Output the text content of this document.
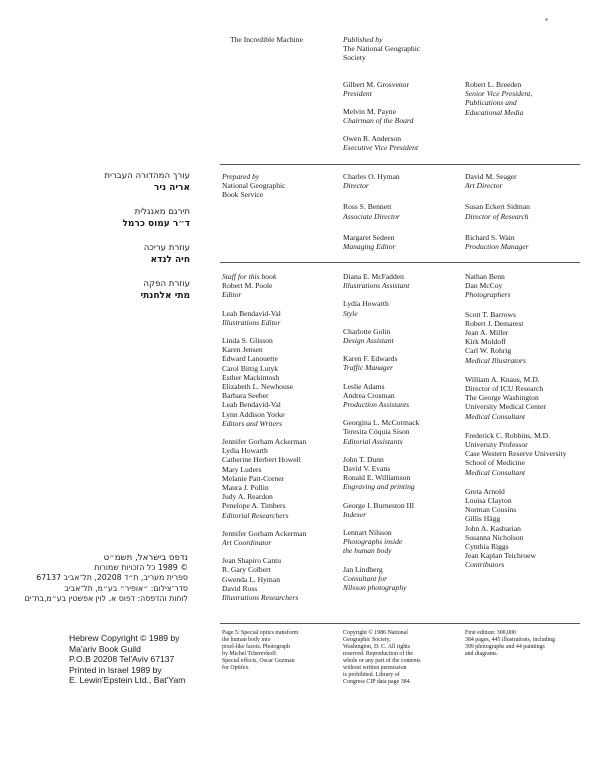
The Incredible Machine	Published by
The National Geographic
Society
Gilbert M. Grosvenor
President
Melvin M. Payne
Chairman of the Board
Owen R. Anderson
Executive Vice President
Robert L. Breeden
Senior Vice President,
Publications and
Educational Media
Prepared by
National Geographic
Book Service
Charles O. Hyman
Director
Ross S. Bennett
Associate Director
Margaret Sedeen
Managing Editor
David M. Seager
Art Director
Susan Eckert Sidman
Director of Research
Richard S. Wain
Production Manager
Staff for this book
Robert M. Poole
Editor
Leah Bendavid-Val
Illustrations Editor
Linda S. Glisson
Karen Jensen
Edward Lanouette
Carol Bittig Lutyk
Esther Mackintosh
Elizabeth L. Newhouse
Barbara Seeber
Leah Bendavid-Val
Lynn Addison Yorke
Editors and Writers
Jennifer Gorham Ackerman
Lydia Howarth
Catherine Herbert Howell
Mary Luders
Melanie Patt-Corner
Maura J. Pollin
Judy A. Reardon
Penelope A. Timbers
Editorial Researchers
Jennifer Gorham Ackerman
Art Coordinator
Jean Shapiro Cantu
R. Gary Colbert
Gwenda L. Hyman
David Ross
Illustrations Researchers
Diana E. McFadden
Illustrations Assistant
Lydia Howarth
Style
Charlotte Golin
Design Assistant
Karen F. Edwards
Traffic Manager
Leslie Adams
Andrea Crosman
Production Assistants
Georgina L. McCormack
Teresita Cóquia Sison
Editorial Assistants
John T. Dunn
David V. Evans
Ronald E. Williamson
Engraving and printing
George I. Burneston III
Indexer
Lennart Nilsson
Photographs inside
the human body
Jan Lindberg
Consultant for
Nilsson photography
Nathan Benn
Dan McCoy
Photographers
Scott T. Barrows
Robert J. Demarest
Jean A. Miller
Kirk Moldoff
Carl W. Rohrig
Medical Illustrators
William A. Knaus, M.D.
Director of ICU Research
The George Washington
University Medical Center
Medical Consultant
Frederick C. Robbins, M.D.
University Professor
Case Western Reserve University
School of Medicine
Medical Consultant
Greta Arnold
Louisa Clayton
Norman Cousins
Gillis Hägg
John A. Kasbarian
Susanna Nicholson
Cynthia Riggs
Jean Kaplan Teichroew
Contributors
עורך המהדורה העברית
אריה ניר
תירגם מאנגלית
ד״ר עמוס כרמל
עוזרת עריכה
חיה לנדא
עוזרת הפקה
מתי אלחנתי
נדפס בישראל, תשמ״ט
© 1989 כל הזכויות שמורות
ספרית מעריב, ת״ד 20208, תל־אביב 67137
סדר־צילום: ״אופיר״ בע״מ, תל־אביב
לוחות והדפסה: דפוס א. לוין אפשטין בע״מ,בת־ים
Hebrew Copyright © 1989 by
Ma'ariv Book Guild
P.O.B 20208 Tel'Aviv 67137
Printed in Israel 1989 by
E. Lewin'Epstein Ltd., Bat'Yam
Page 5: Special optics transform
the human body into
pixel-like facets. Photograph
by Michel Tcherevkoff.
Special effects, Oscar Guzman
for Optifex.
Copyright © 1986 National
Geographic Society,
Washington, D. C. All rights
reserved. Reproduction of the
whole or any part of the contents
without written permission
is prohibited. Library of
Congress CIP data page 384.
First edition: 300,000
384 pages, 445 illustrations, including
399 photographs and 44 paintings
and diagrams.
